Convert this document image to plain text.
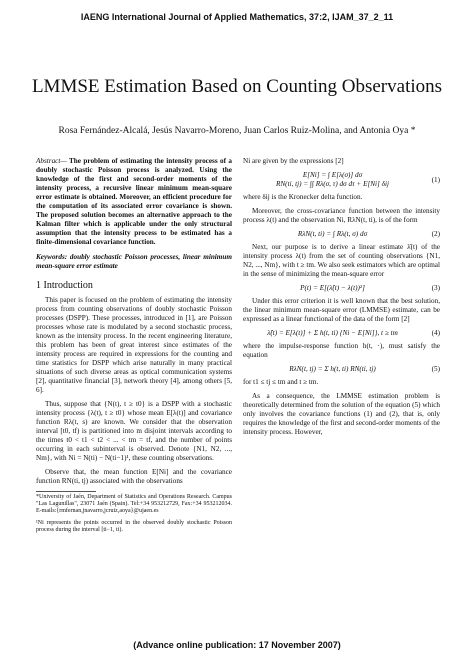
IAENG International Journal of Applied Mathematics, 37:2, IJAM_37_2_11
LMMSE Estimation Based on Counting Observations
Rosa Fernández-Alcalá, Jesús Navarro-Moreno, Juan Carlos Ruiz-Molina, and Antonia Oya *
Abstract— The problem of estimating the intensity process of a doubly stochastic Poisson process is analyzed. Using the knowledge of the first and second-order moments of the intensity process, a recursive linear minimum mean-square error estimate is obtained. Moreover, an efficient procedure for the computation of its associated error covariance is shown. The proposed solution becomes an alternative approach to the Kalman filter which is applicable under the only structural assumption that the intensity process to be estimated has a finite-dimensional covariance function.
Keywords: doubly stochastic Poisson processes, linear minimum mean-square error estimate
1 Introduction

This paper is focused on the problem of estimating the intensity process from counting observations of doubly stochastic Poisson processes (DSPP). These processes, introduced in [1], are Poisson processes whose rate is modulated by a second stochastic process, known as the intensity process. In the recent engineering literature, this problem has been of great interest since estimates of the intensity process are required in expressions for the counting and time statistics for DSPP which arise naturally in many practical situations of such diverse areas as optical communication systems [2], quantitative financial [3], network theory [4], among others [5, 6].

Thus, suppose that {N(t), t ≥ t0} is a DSPP with a stochastic intensity process {λ(t), t ≥ t0} whose mean E[λ(t)] and covariance function Rλ(t, s) are known. We consider that the observation interval [t0, tf) is partitioned into m disjoint intervals according to the times t0 < t1 < t2 < ... < tm = tf, and the number of points occurring in each subinterval is observed. Denote {N1, N2, ..., Nm}, with Ni = N(ti) − N(ti−1)¹, these counting observations.

Observe that, the mean function E[Ni] and the covariance function RN(ti, tj) associated with the observations

*University of Jaén, Department of Statistics and Operations Research. Campus "Las Lagunillas", 23071 Jaén (Spain). Tel:+34 953212729, Fax:+34 953212034. E-mails:{rmfernan,jnavarro,jcruiz,aoya}@ujaen.es

¹Ni represents the points occurred in the observed doubly stochastic Poisson process during the interval [ti−1, ti).

Ni are given by the expressions [2]

E[Ni] = ∫ E[λ(σ)] dσ
RN(ti, tj) = ∫∫ Rλ(σ, τ) dσ dτ + E[Ni] δij	(1)

where δij is the Kronecker delta function.

Moreover, the cross-covariance function between the intensity process λ(t) and the observation Ni, RλN(t, ti), is of the form

RλN(t, ti) = ∫ Rλ(t, σ) dσ	(2)

Next, our purpose is to derive a linear estimate λ̂(t) of the intensity process λ(t) from the set of counting observations {N1, N2, ..., Nm}, with t ≥ tm. We also seek estimators which are optimal in the sense of minimizing the mean-square error

P(t) = E[(λ̂(t) − λ(t))²]	(3)

Under this error criterion it is well known that the best solution, the linear minimum mean-square error (LMMSE) estimate, can be expressed as a linear functional of the data of the form [2]

λ̂(t) = E[λ(t)] + Σ h(t, ti) {Ni − E[Ni]}, t ≥ tm	(4)

where the impulse-response function h(t, ·), must satisfy the equation

RλN(t, tj) = Σ h(t, ti) RN(ti, tj)	(5)

for t1 ≤ tj ≤ tm and t ≥ tm.

As a consequence, the LMMSE estimation problem is theoretically determined from the solution of the equation (5) which only involves the covariance functions (1) and (2), that is, only requires the knowledge of the first and second-order moments of the intensity process. However,

(Advance online publication: 17 November 2007)
